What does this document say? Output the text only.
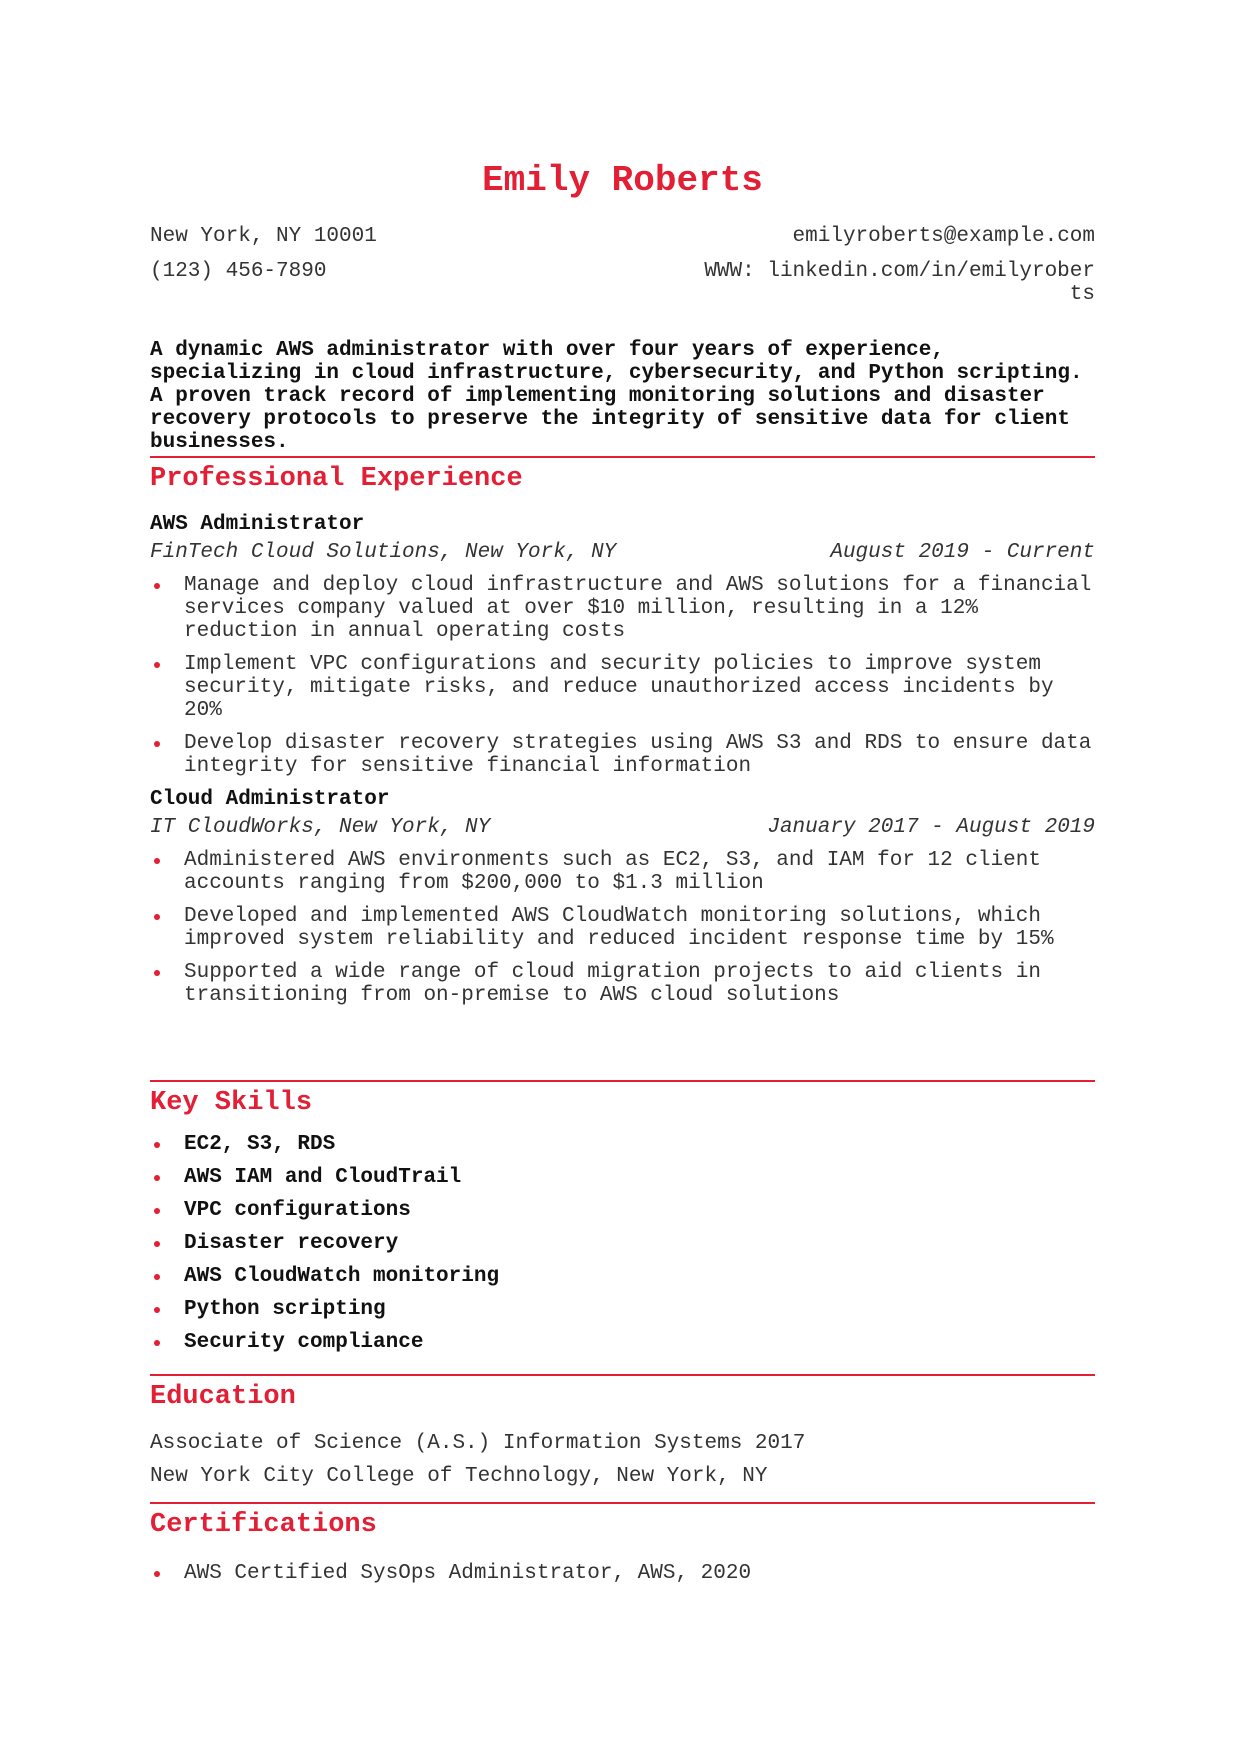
Emily Roberts
New York, NY 10001	emilyroberts@example.com
(123) 456-7890	WWW: linkedin.com/in/emilyroberts

A dynamic AWS administrator with over four years of experience, specializing in cloud infrastructure, cybersecurity, and Python scripting. A proven track record of implementing monitoring solutions and disaster recovery protocols to preserve the integrity of sensitive data for client businesses.

Professional Experience
AWS Administrator
FinTech Cloud Solutions, New York, NY	August 2019 - Current
Manage and deploy cloud infrastructure and AWS solutions for a financial services company valued at over $10 million, resulting in a 12% reduction in annual operating costs
Implement VPC configurations and security policies to improve system security, mitigate risks, and reduce unauthorized access incidents by 20%
Develop disaster recovery strategies using AWS S3 and RDS to ensure data integrity for sensitive financial information
Cloud Administrator
IT CloudWorks, New York, NY	January 2017 - August 2019
Administered AWS environments such as EC2, S3, and IAM for 12 client accounts ranging from $200,000 to $1.3 million
Developed and implemented AWS CloudWatch monitoring solutions, which improved system reliability and reduced incident response time by 15%
Supported a wide range of cloud migration projects to aid clients in transitioning from on-premise to AWS cloud solutions
Key Skills
EC2, S3, RDS
AWS IAM and CloudTrail
VPC configurations
Disaster recovery
AWS CloudWatch monitoring
Python scripting
Security compliance
Education
Associate of Science (A.S.) Information Systems 2017
New York City College of Technology, New York, NY
Certifications
AWS Certified SysOps Administrator, AWS, 2020
